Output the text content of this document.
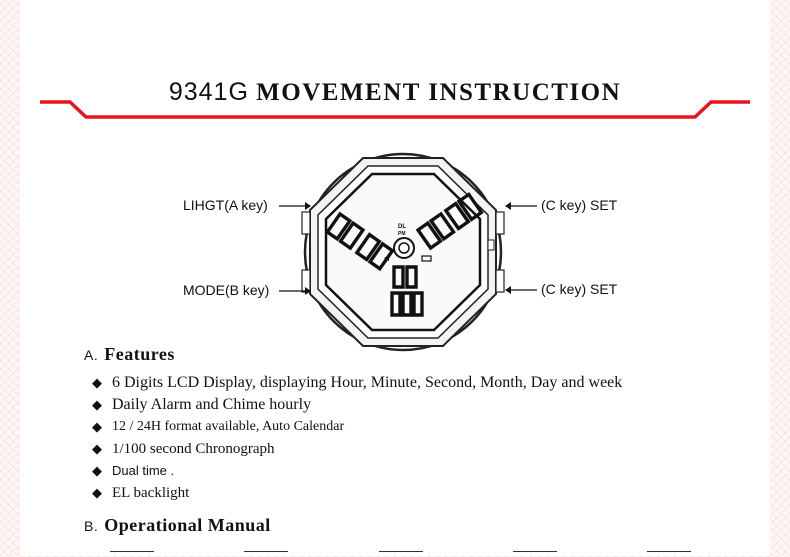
9341G MOVEMENT INSTRUCTION
DL
PM
LIHGT(A key)
MODE(B key)
(C key) SET
(C key) SET
A. Features
◆ 6 Digits LCD Display, displaying Hour, Minute, Second, Month, Day and week
◆ Daily Alarm and Chime hourly
◆ 12 / 24H format available, Auto Calendar
◆ 1/100 second Chronograph
◆ Dual time .
◆ EL backlight
B. Operational Manual
